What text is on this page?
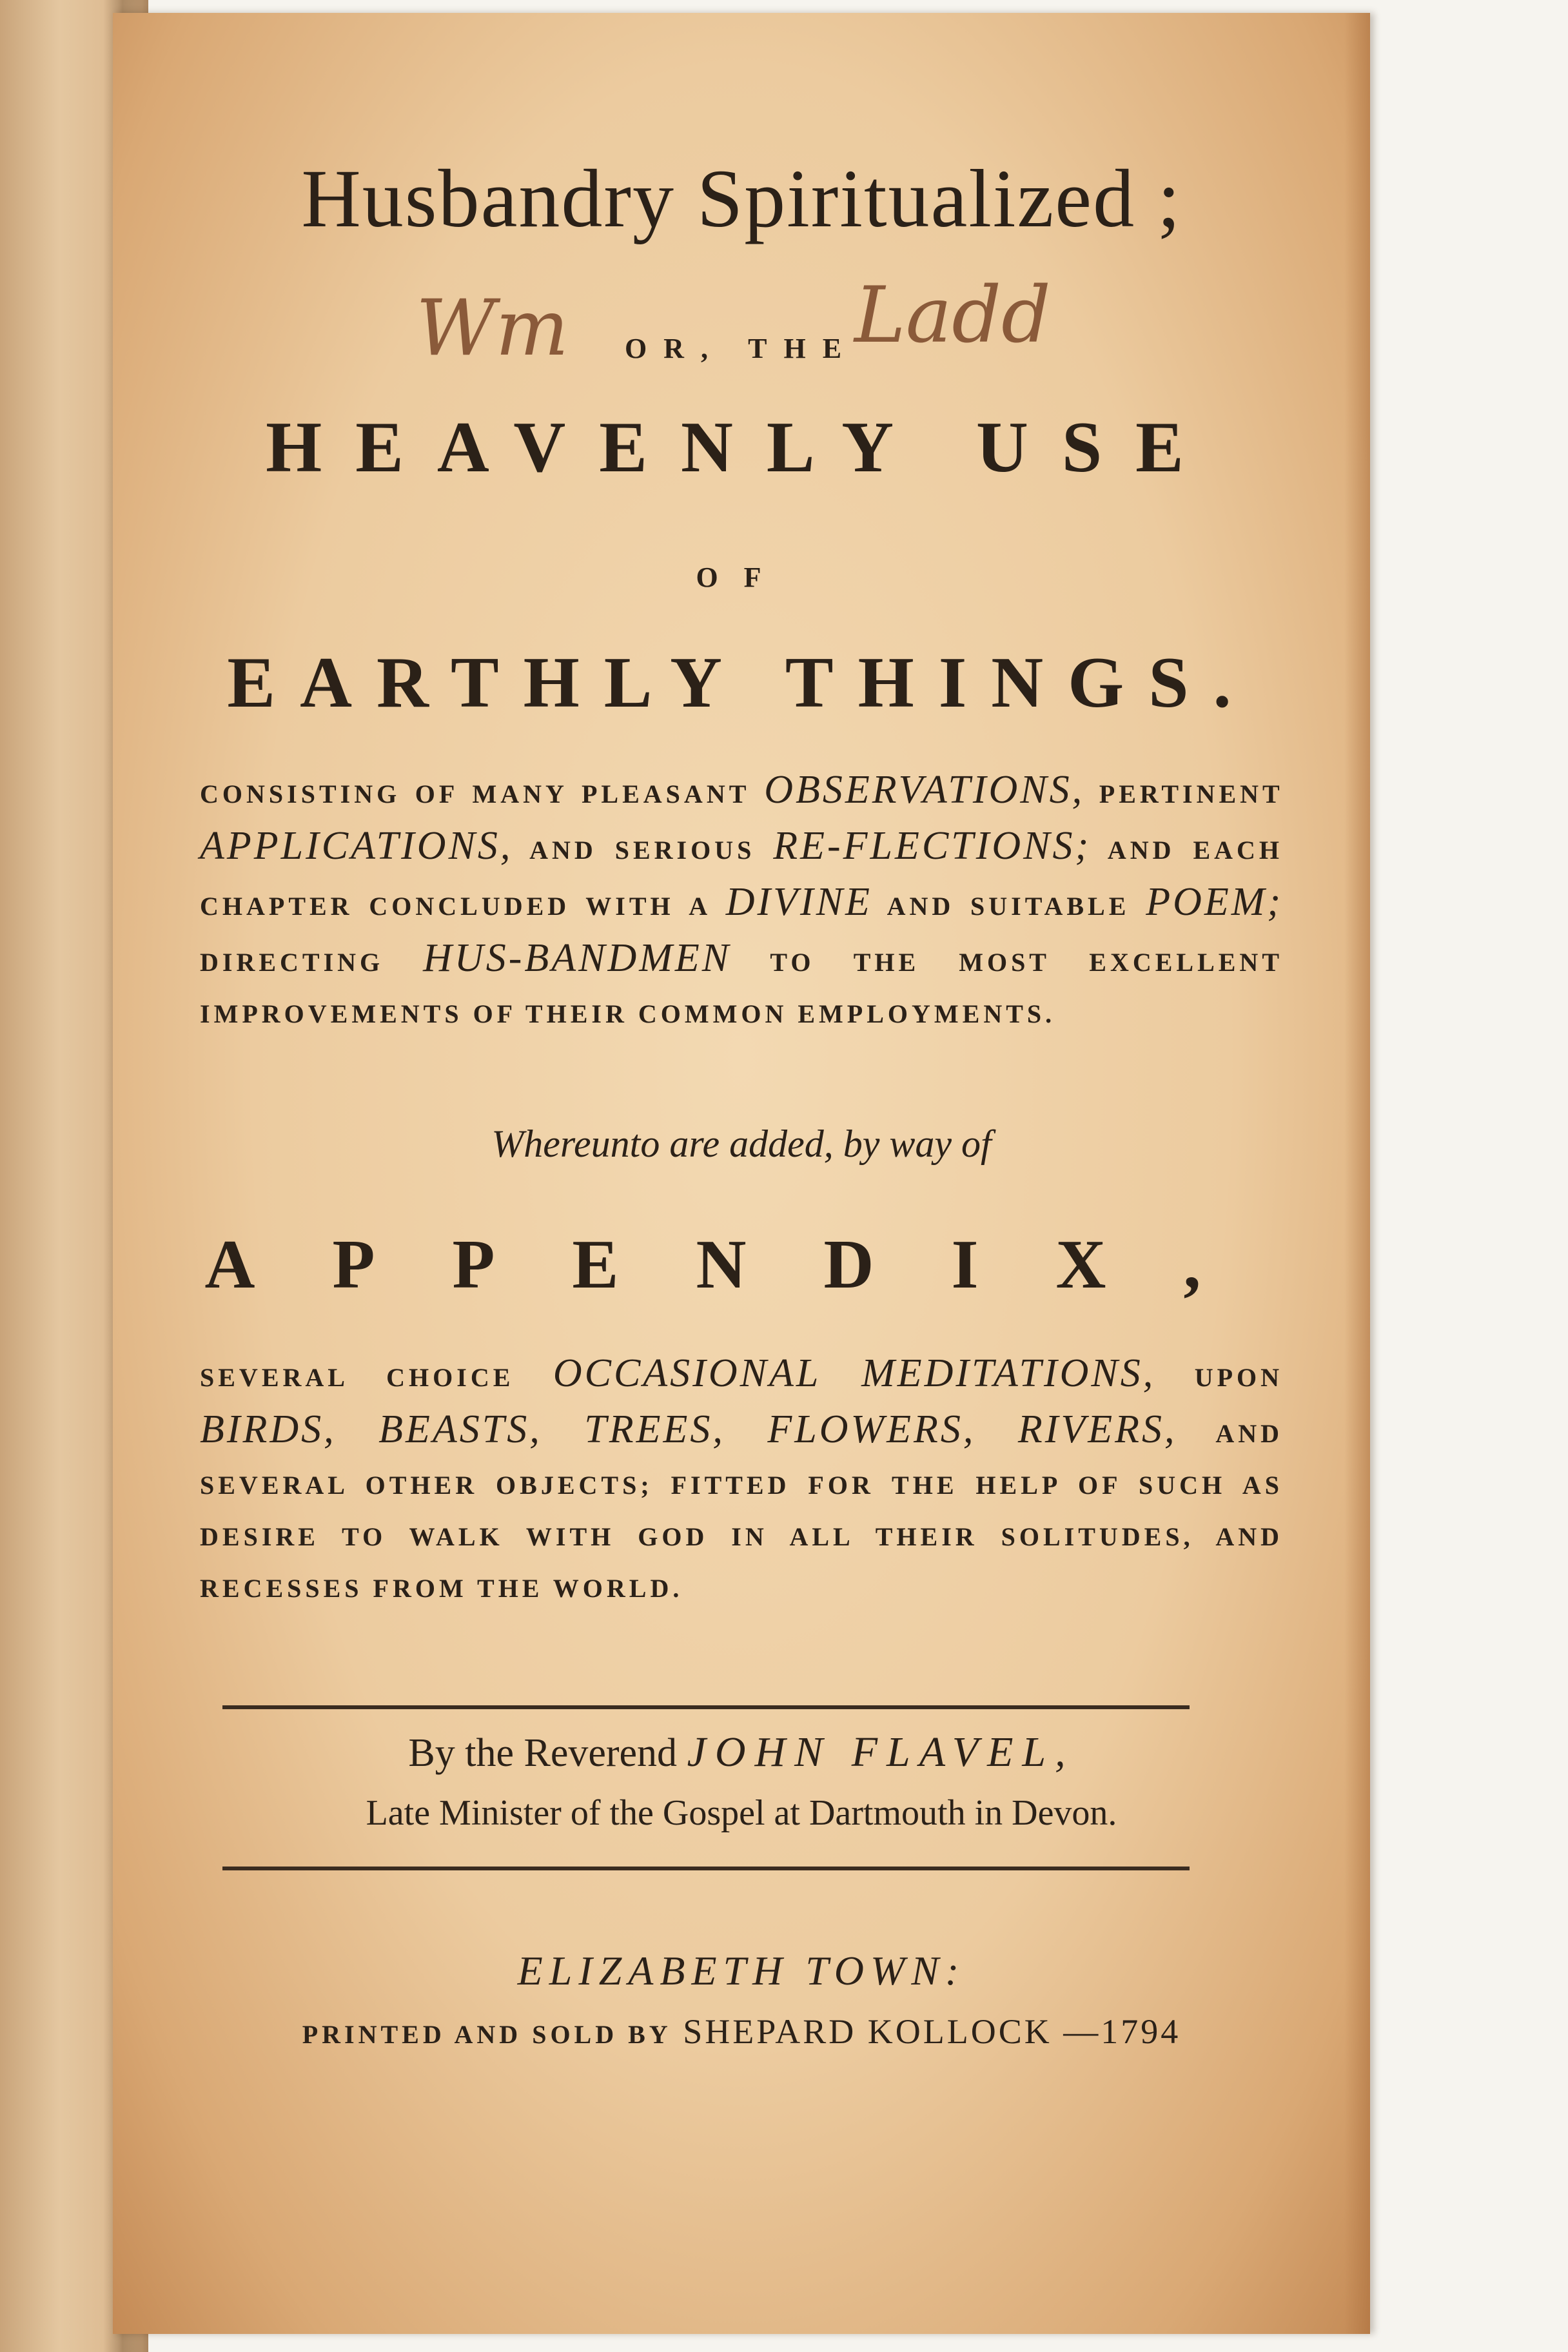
Husbandry Spiritualized ;
Wm	OR, THE
Ladd
HEAVENLY USE
OF
EARTHLY THINGS.
CONSISTING OF MANY PLEASANT OBSERVATIONS, PERTINENT APPLICATIONS, AND SERIOUS RE-FLECTIONS; AND EACH CHAPTER CONCLUDED WITH A DIVINE AND SUITABLE POEM; DIRECTING HUS-BANDMEN TO THE MOST EXCELLENT IMPROVEMENTS OF THEIR COMMON EMPLOYMENTS.
Whereunto are added, by way of
APPENDIX,
SEVERAL CHOICE OCCASIONAL MEDITATIONS, UPON BIRDS, BEASTS, TREES, FLOWERS, RIVERS, AND SEVERAL OTHER OBJECTS; FITTED FOR THE HELP OF SUCH AS DESIRE TO WALK WITH GOD IN ALL THEIR SOLITUDES, AND RECESSES FROM THE WORLD.
By the Reverend JOHN FLAVEL,
Late Minister of the Gospel at Dartmouth in Devon.
ELIZABETH TOWN:
PRINTED AND SOLD BY SHEPARD KOLLOCK —1794
